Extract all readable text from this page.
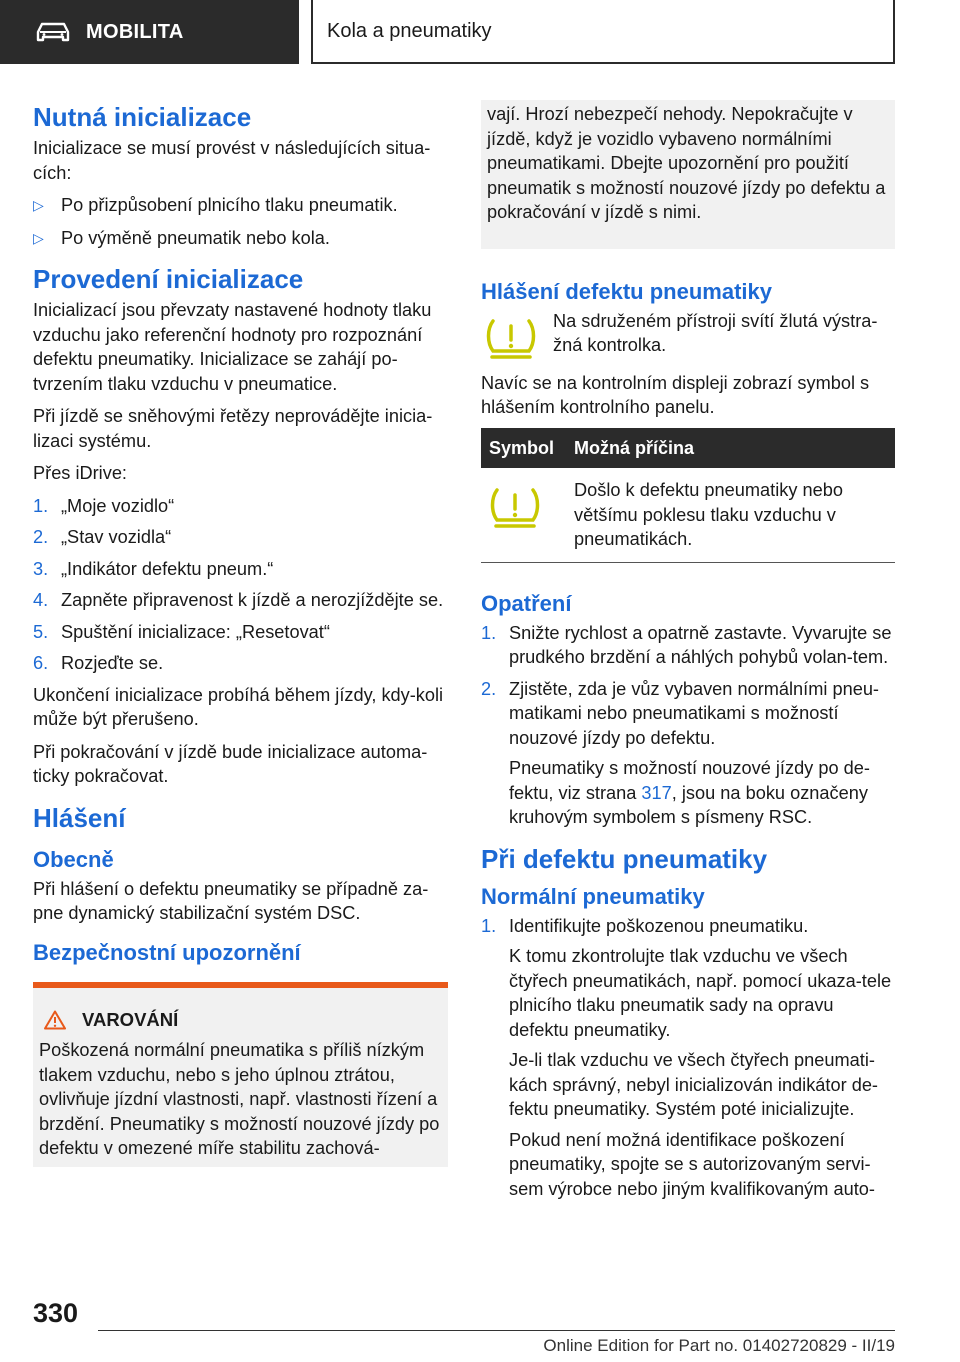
MOBILITA	Kola a pneumatiky
Nutná inicializace

Inicializace se musí provést v následujících situa‐cích:

▷ Po přizpůsobení plnicího tlaku pneumatik.
▷ Po výměně pneumatik nebo kola.
Provedení inicializace

Inicializací jsou převzaty nastavené hodnoty tlaku vzduchu jako referenční hodnoty pro rozpoznání defektu pneumatiky. Inicializace se zahájí po‐tvrzením tlaku vzduchu v pneumatice.

Při jízdě se sněhovými řetězy neprovádějte inicia‐lizaci systému.

Přes iDrive:

1. „Moje vozidlo“
2. „Stav vozidla“
3. „Indikátor defektu pneum.“
4. Zapněte připravenost k jízdě a nerozjíždějte se.
5. Spuštění inicializace: „Resetovat“
6. Rozjeďte se.

Ukončení inicializace probíhá během jízdy, kdy‐koli může být přerušeno.

Při pokračování v jízdě bude inicializace automa‐ticky pokračovat.

Hlášení
Obecně

Při hlášení o defektu pneumatiky se případně za‐pne dynamický stabilizační systém DSC.

Bezpečnostní upozornění
VAROVÁNÍ

Poškozená normální pneumatika s příliš nízkým tlakem vzduchu, nebo s jeho úplnou ztrátou, ovlivňuje jízdní vlastnosti, např. vlastnosti řízení a brzdění. Pneumatiky s možností nouzové jízdy po defektu v omezené míře stabilitu zachová‐

vají. Hrozí nebezpečí nehody. Nepokračujte v jízdě, když je vozidlo vybaveno normálními pneumatikami. Dbejte upozornění pro použití pneumatik s možností nouzové jízdy po defektu a pokračování v jízdě s nimi.
Hlášení defektu pneumatiky
Na sdruženém přístroji svítí žlutá výstra‐žná kontrolka.

Navíc se na kontrolním displeji zobrazí symbol s hlášením kontrolního panelu.

Symbol	Možná příčina
	Došlo k defektu pneumatiky nebo většímu poklesu tlaku vzduchu v pneumatikách.
Opatření
1. Snižte rychlost a opatrně zastavte. Vyvarujte se prudkého brzdění a náhlých pohybů volan‐tem.
2. Zjistěte, zda je vůz vybaven normálními pneu‐matikami nebo pneumatikami s možností nouzové jízdy po defektu.

Pneumatiky s možností nouzové jízdy po de‐fektu, viz strana 317, jsou na boku označeny kruhovým symbolem s písmeny RSC.

Při defektu pneumatiky
Normální pneumatiky
1. Identifikujte poškozenou pneumatiku.

K tomu zkontrolujte tlak vzduchu ve všech čtyřech pneumatikách, např. pomocí ukaza‐tele plnicího tlaku pneumatik sady na opravu defektu pneumatiky.

Je-li tlak vzduchu ve všech čtyřech pneumati‐kách správný, nebyl inicializován indikátor de‐fektu pneumatiky. Systém poté inicializujte.

Pokud není možná identifikace poškození pneumatiky, spojte se s autorizovaným servi‐sem výrobce nebo jiným kvalifikovaným auto‐

330
Online Edition for Part no. 01402720829 - II/19
